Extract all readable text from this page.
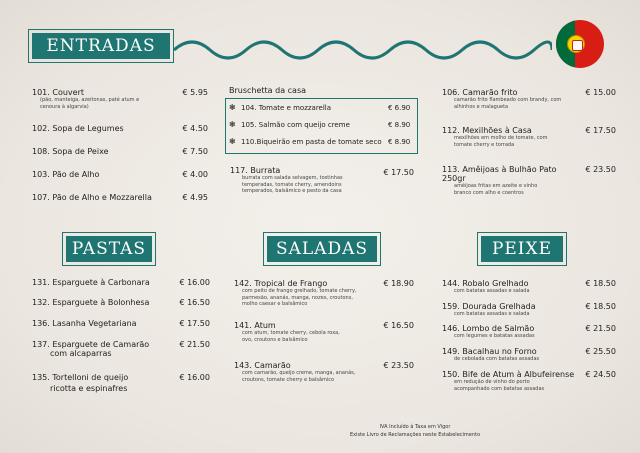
ENTRADAS
101. Couvert
(pão, manteiga, azeitonas, paté atum e cenoura à algarvia)
€ 5.95
102. Sopa de Legumes	€ 4.50
108. Sopa de Peixe	€ 7.50
103. Pão de Alho	€ 4.00
107. Pão de Alho e Mozzarella	€ 4.95
Bruschetta da casa
❃ 104. Tomate e mozzarella	€ 6.90
❃ 105. Salmão com queijo creme	€ 8.90
❃ 110.Biqueirão em pasta de tomate seco € 8.90
117. Burrata
burrata com salada selvagem, tostinhas temperadas, tomate cherry, amendoins temperados, balsâmico e pesto da casa
€ 17.50
106. Camarão frito
camarão frito flambeado com brandy, com alhinhos e malagueta
€ 15.00
112. Mexilhões à Casa
mexilhões em molho de tomate, com tomate cherry e torrada
€ 17.50
113. Amêijoas à Bulhão Pato 250gr
amêijoas fritas em azeite e vinho branco com alho e coentros
€ 23.50
PASTAS	SALADAS	PEIXE
131. Esparguete à Carbonara	€ 16.00
132. Esparguete à Bolonhesa	€ 16.50
136. Lasanha Vegetariana	€ 17.50
137. Esparguete de Camarão
com alcaparras
€ 21.50
135. Tortelloni de queijo
ricotta e espinafres
€ 16.00
142. Tropical de Frango
com peito de frango grelhado, tomate cherry, parmesão, ananás, manga, nozes, croutons, molho caesar e balsâmico
€ 18.90
141. Atum
com atum, tomate cherry, cebola roxa, ovo, croutons e balsâmico
€ 16.50
143. Camarão
com camarão, queijo creme, manga, ananás, croutons, tomate cherry e balsâmico
€ 23.50
144. Robalo Grelhado
com batatas assadas e salada
€ 18.50
159. Dourada Grelhada
com batatas assadas e salada
€ 18.50
146. Lombo de Salmão
com legumes e batatas assadas
€ 21.50
149. Bacalhau no Forno
de cebolada com batatas assadas
€ 25.50
150. Bife de Atum à Albufeirense
em redução de vinho do porto acompanhado com batatas assadas
€ 24.50
IVA Incluído à Taxa em Vigor
Existe Livro de Reclamações neste Estabelecimento
